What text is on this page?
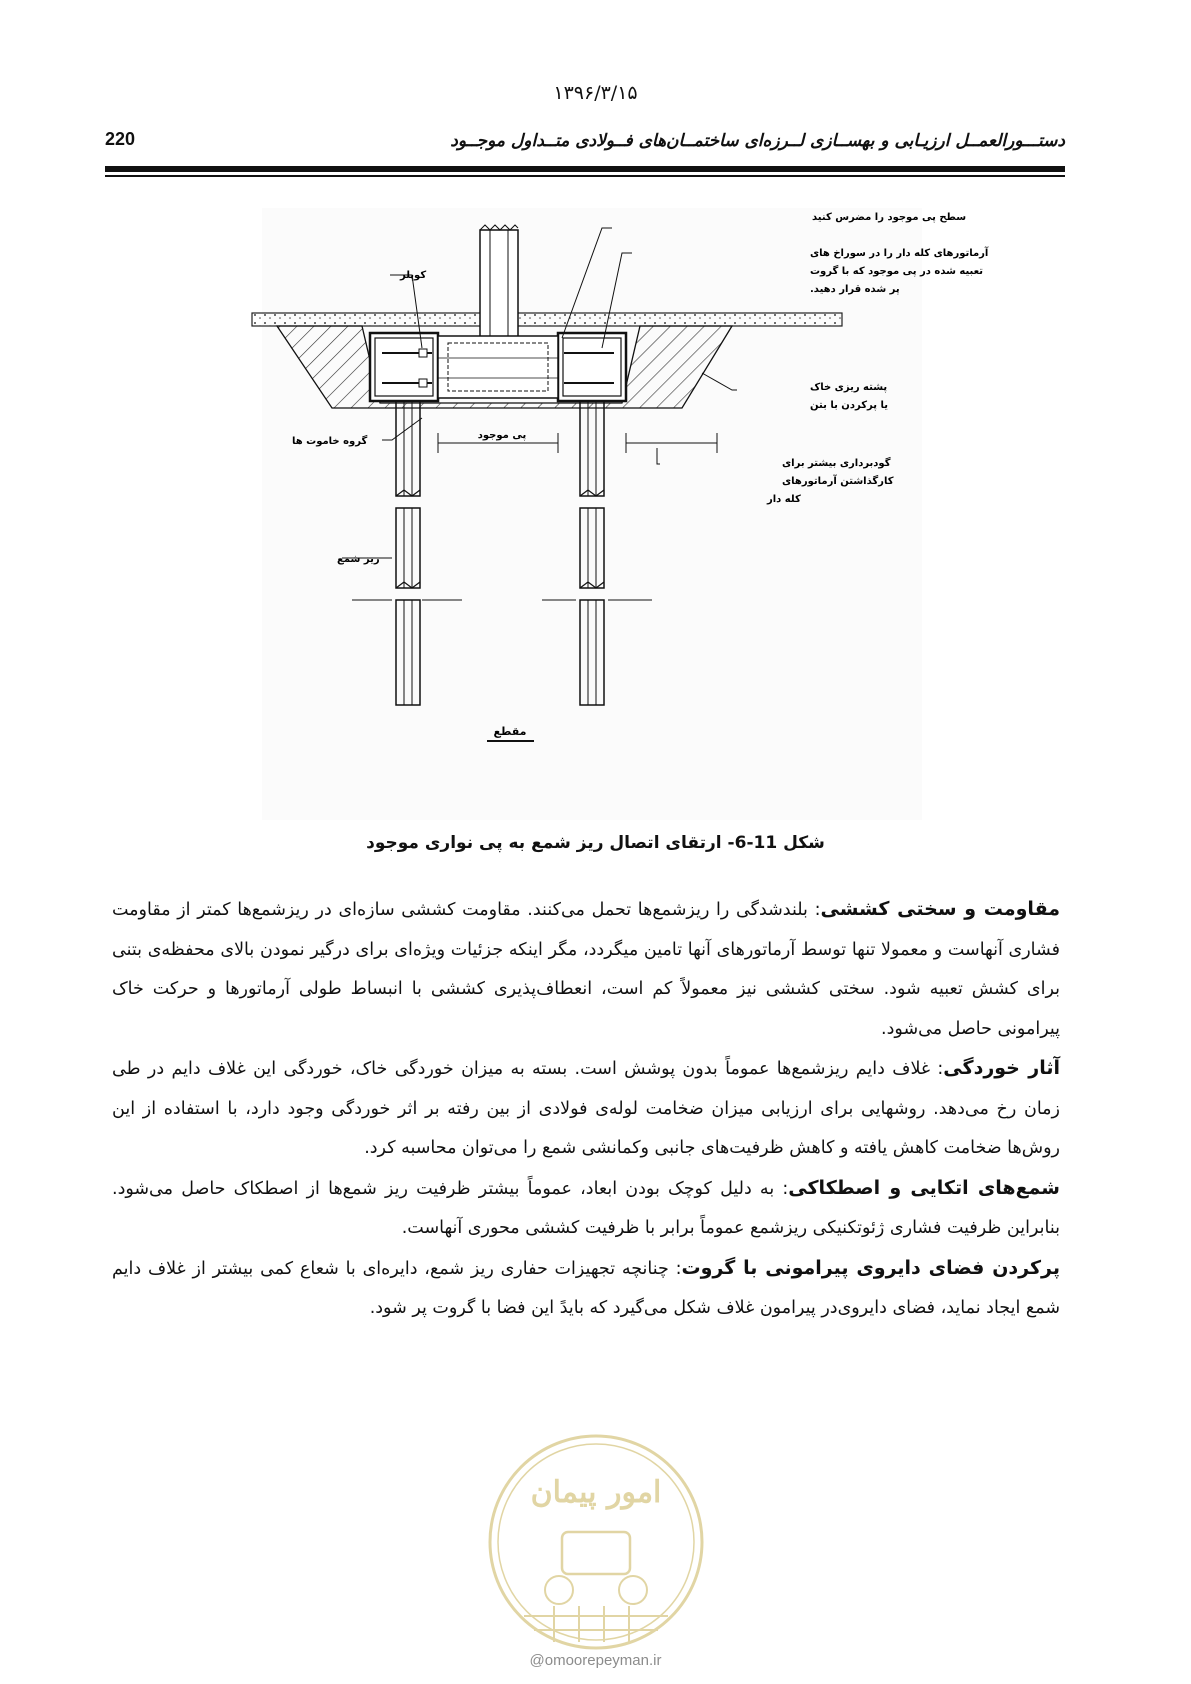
۱۳۹۶/۳/۱۵
دستـــورالعمــل ارزیـابی و بهســازی لــرزه‌ای ساختمــان‌های فــولادی متــداول موجــود
220
سطح پی موجود را مضرس کنید
آرماتورهای کله دار را در سوراخ های
تعبیه شده در پی موجود که با گروت
پر شده قرار دهید.
کوپلر
پشته ریزی خاک
یا پرکردن با بتن
گروه خاموت ها
پی موجود
گودبرداری بیشتر برای
کارگذاشتن آرماتورهای
کله دار
ریز شمع
مقطع
شکل 11-6- ارتقای اتصال ریز شمع به پی نواری موجود

مقاومت و سختی کششی: بلندشدگی را ریزشمع‌ها تحمل می‌کنند. مقاومت کششی سازه‌ای در ریزشمع‌ها کمتر از مقاومت فشاری آنهاست و معمولا تنها توسط آرماتورهای آنها تامین میگردد، مگر اینکه جزئیات ویژه‌ای برای درگیر نمودن بالای محفظه‌ی بتنی برای کشش تعبیه شود. سختی کششی نیز معمولاً کم است، انعطاف‌پذیری کششی با انبساط طولی آرماتورها و حرکت خاک پیرامونی حاصل می‌شود.

آثار خوردگی: غلاف دایم ریزشمع‌ها عموماً بدون پوشش است. بسته به میزان خوردگی خاک، خوردگی این غلاف دایم در طی زمان رخ می‌دهد. روشهایی برای ارزیابی میزان ضخامت لوله‌ی فولادی از بین رفته بر اثر خوردگی وجود دارد، با استفاده از این روش‌ها ضخامت کاهش یافته و کاهش ظرفیت‌های جانبی وکمانشی شمع را می‌توان محاسبه کرد.

شمع‌های اتکایی و اصطکاکی: به دلیل کوچک بودن ابعاد، عموماً بیشتر ظرفیت ریز شمع‌ها از اصطکاک حاصل می‌شود. بنابراین ظرفیت فشاری ژئوتکنیکی ریزشمع عموماً برابر با ظرفیت کششی محوری آنهاست.

پرکردن فضای دایروی پیرامونی با گروت: چنانچه تجهیزات حفاری ریز شمع، دایره‌ای با شعاع کمی بیشتر از غلاف دایم شمع ایجاد نماید، فضای دایروی‌در پیرامون غلاف شکل می‌گیرد که بایدً این فضا با گروت پر شود.

امور پیمان
@omoorepeyman.ir
